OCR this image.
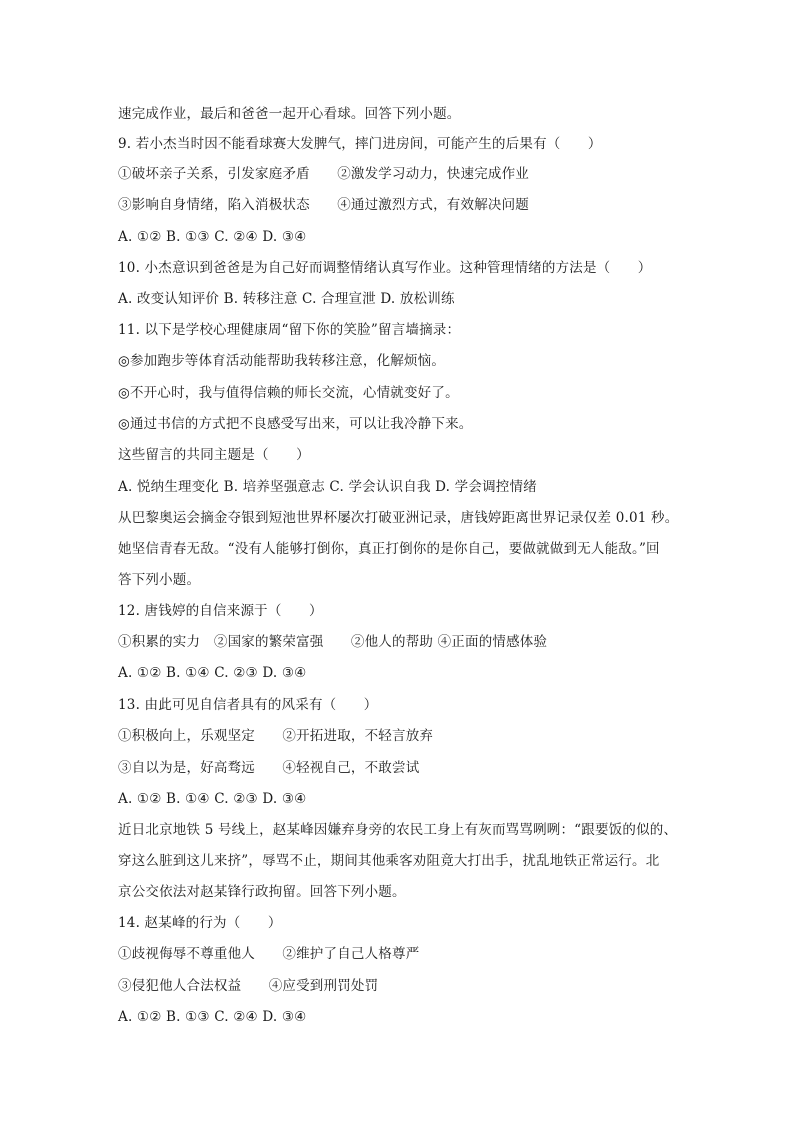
速完成作业，最后和爸爸一起开心看球。回答下列小题。
9. 若小杰当时因不能看球赛大发脾气，摔门进房间，可能产生的后果有（　　）
①破坏亲子关系，引发家庭矛盾　　②激发学习动力，快速完成作业
③影响自身情绪，陷入消极状态　　④通过激烈方式，有效解决问题
A. ①② B. ①③ C. ②④ D. ③④
10. 小杰意识到爸爸是为自己好而调整情绪认真写作业。这种管理情绪的方法是（　　）
A. 改变认知评价 B. 转移注意 C. 合理宣泄 D. 放松训练
11. 以下是学校心理健康周“留下你的笑脸”留言墙摘录：
◎参加跑步等体育活动能帮助我转移注意，化解烦恼。
◎不开心时，我与值得信赖的师长交流，心情就变好了。
◎通过书信的方式把不良感受写出来，可以让我冷静下来。
这些留言的共同主题是（　　）
A. 悦纳生理变化 B. 培养坚强意志 C. 学会认识自我 D. 学会调控情绪
从巴黎奥运会摘金夺银到短池世界杯屡次打破亚洲记录，唐钱婷距离世界记录仅差 0.01 秒。
她坚信青春无敌。“没有人能够打倒你，真正打倒你的是你自己，要做就做到无人能敌。”回
答下列小题。
12. 唐钱婷的自信来源于（　　）
①积累的实力　②国家的繁荣富强　　②他人的帮助 ④正面的情感体验
A. ①② B. ①④ C. ②③ D. ③④
13. 由此可见自信者具有的风采有（　　）
①积极向上，乐观坚定　　②开拓进取，不轻言放弃
③自以为是，好高骛远　　④轻视自己，不敢尝试
A. ①② B. ①④ C. ②③ D. ③④
近日北京地铁 5 号线上，赵某峰因嫌弃身旁的农民工身上有灰而骂骂咧咧：“跟要饭的似的、
穿这么脏到这儿来挤”，辱骂不止，期间其他乘客劝阻竟大打出手，扰乱地铁正常运行。北
京公交依法对赵某锋行政拘留。回答下列小题。
14. 赵某峰的行为（　　）
①歧视侮辱不尊重他人　　②维护了自己人格尊严
③侵犯他人合法权益　　④应受到刑罚处罚
A. ①② B. ①③ C. ②④ D. ③④
